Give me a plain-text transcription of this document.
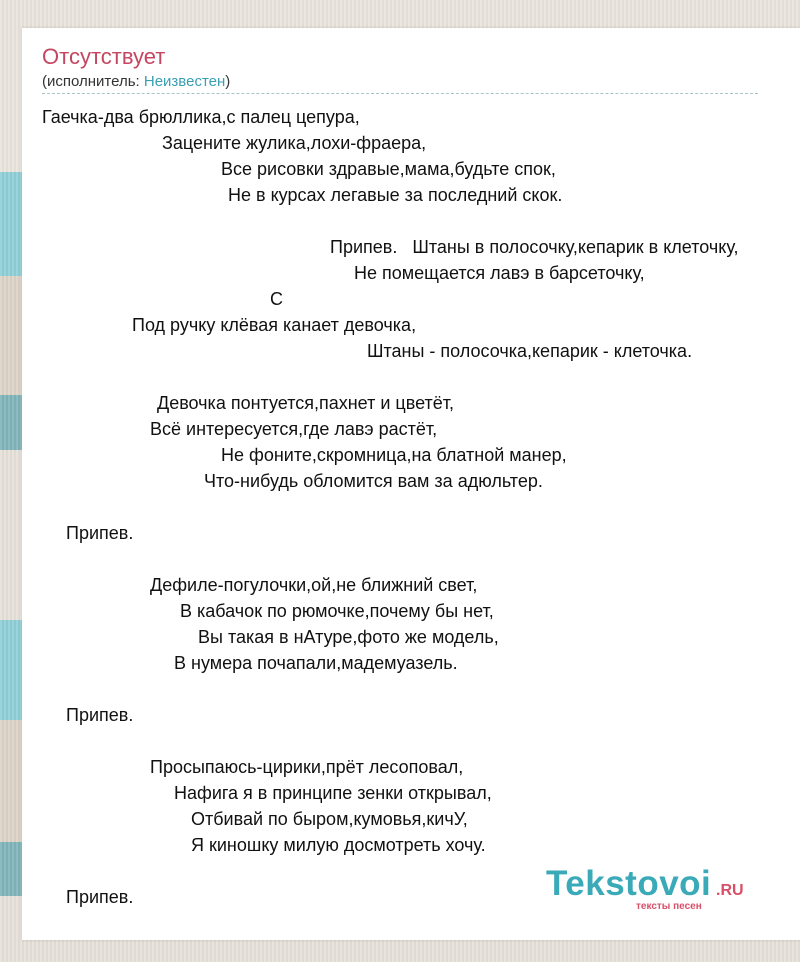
Отсутствует
(исполнитель: Неизвестен)
Гаечка-два брюллика,с палец цепура,
Зацените жулика,лохи-фраера,
Все рисовки здравые,мама,будьте спок,
Не в курсах легавые за последний скок.
Припев.   Штаны в полосочку,кепарик в клеточку,
Не помещается лавэ в барсеточку,
С
Под ручку клёвая канает девочка,
Штаны - полосочка,кепарик - клеточка.
Девочка понтуется,пахнет и цветёт,
Всё интересуется,где лавэ растёт,
Не фоните,скромница,на блатной манер,
Что-нибудь обломится вам за адюльтер.
Припев.
Дефиле-погулочки,ой,не ближний свет,
В кабачок по рюмочке,почему бы нет,
Вы такая в нАтуре,фото же модель,
В нумера почапали,мадемуазель.
Припев.
Просыпаюсь-цирики,прёт лесоповал,
Нафига я в принципе зенки открывал,
Отбивай по быром,кумовья,кичУ,
Я киношку милую досмотреть хочу.
Припев.	Tekstovoi .RU
тексты песен
